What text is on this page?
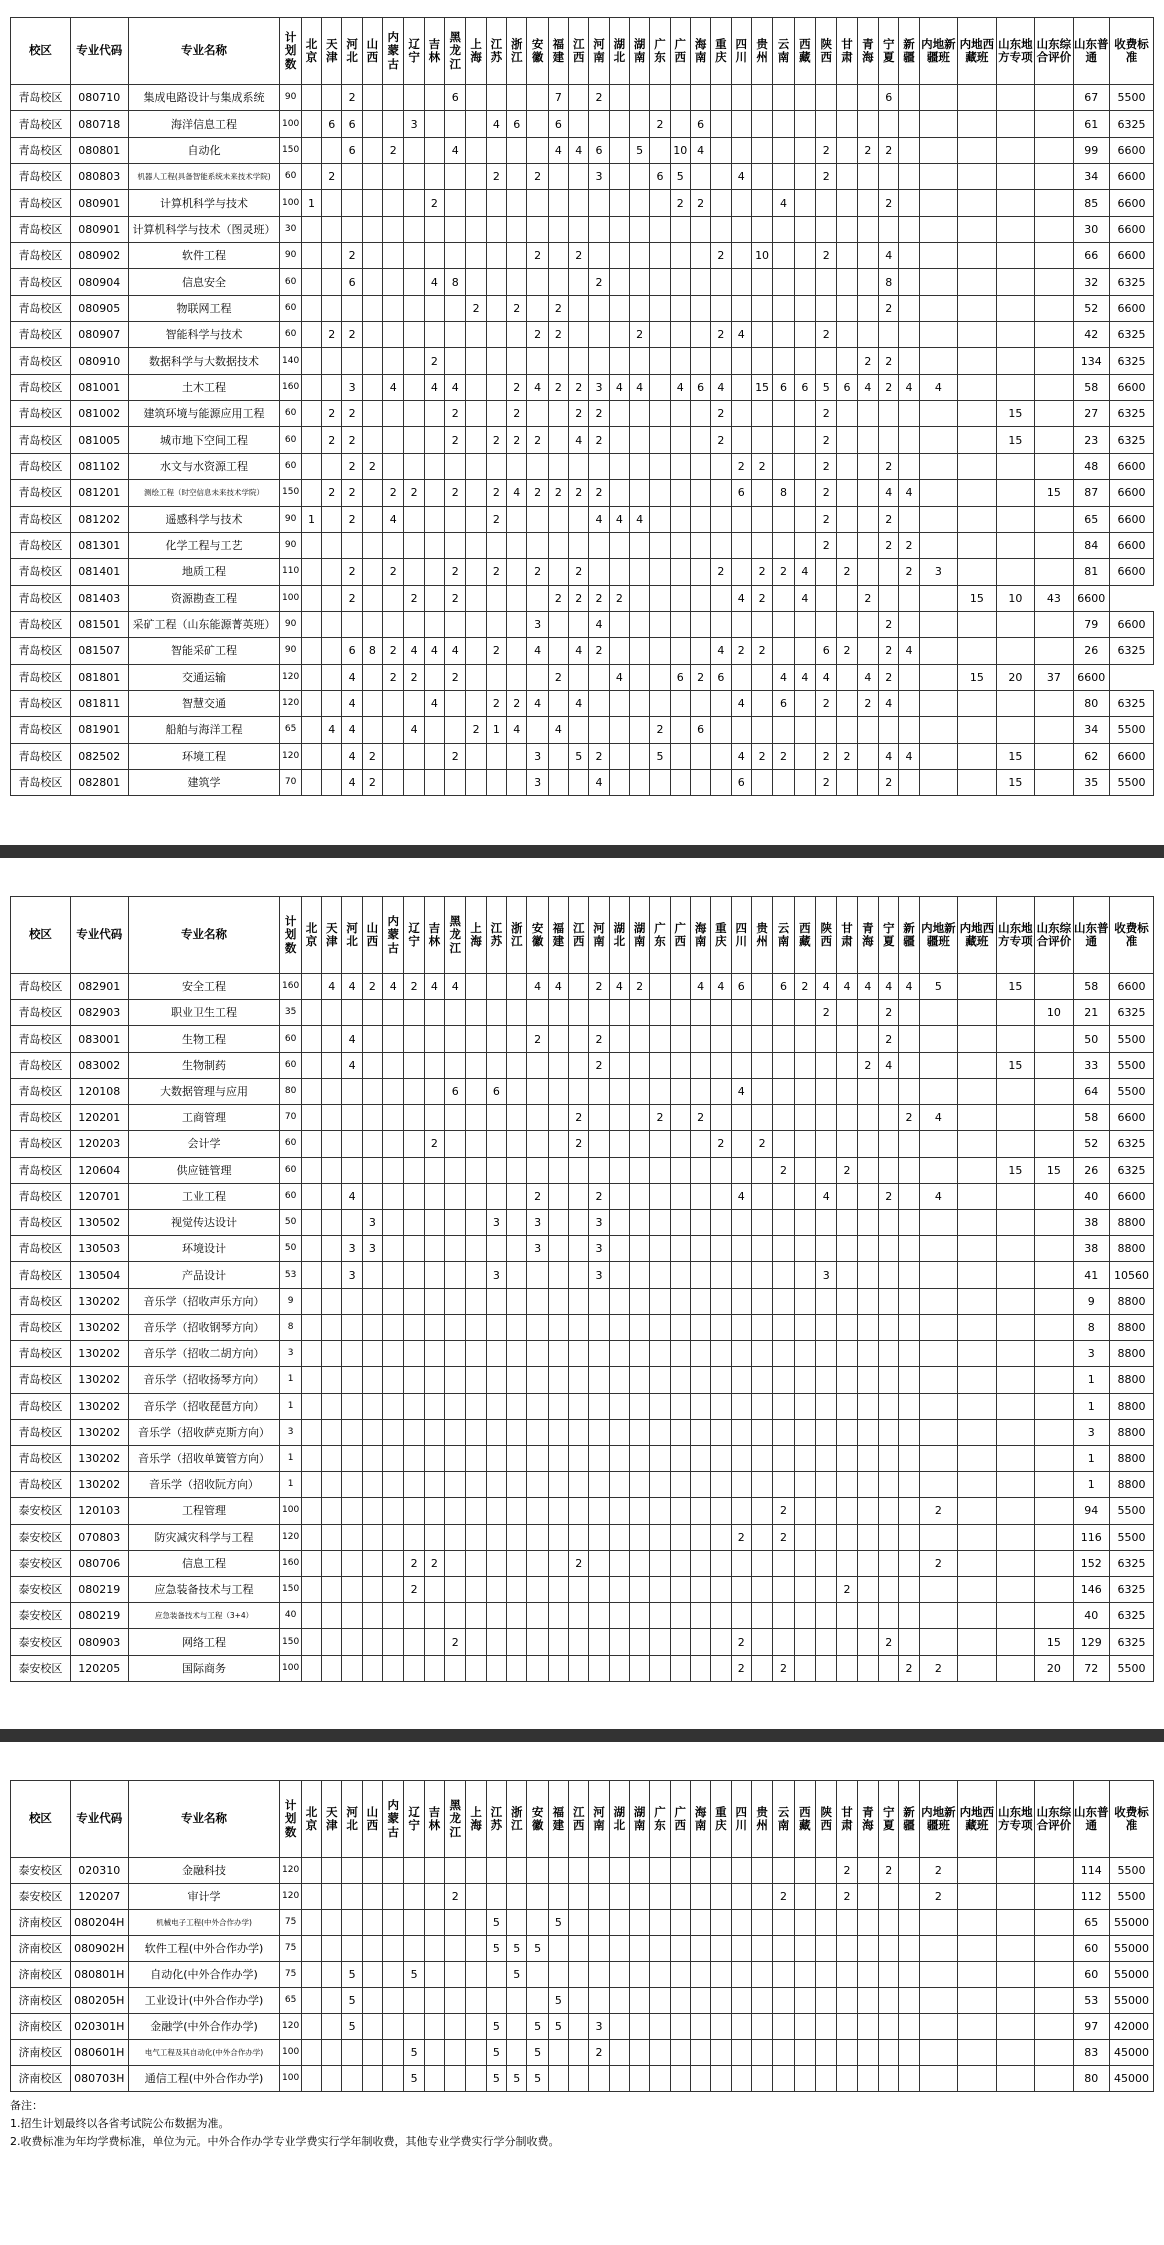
校区	专业代码	专业名称	计划数	北京	天津	河北	山西	内蒙古	辽宁	吉林	黑龙江	上海	江苏	浙江	安徽	福建	江西	河南	湖北	湖南	广东	广西	海南	重庆	四川	贵州	云南	西藏	陕西	甘肃	青海	宁夏	新疆	内地新疆班	内地西藏班	山东地方专项	山东综合评价	山东普通	收费标准
青岛校区	080710	集成电路设计与集成系统	90			2					6					7		2														6						67	5500
青岛校区	080718	海洋信息工程	100		6	6			3				4	6		6					2		6															61	6325
青岛校区	080801	自动化	150			6		2			4					4	4	6		5		10	4						2		2	2						99	6600
青岛校区	080803	机器人工程(具备智能系统未来技术学院)	60		2								2		2			3			6	5			4				2									34	6600
青岛校区	080901	计算机科学与技术	100	1						2												2	2				4					2						85	6600
青岛校区	080901	计算机科学与技术（图灵班）	30																																			30	6600
青岛校区	080902	软件工程	90			2									2		2							2		10			2			4						66	6600
青岛校区	080904	信息安全	60			6				4	8							2														8						32	6325
青岛校区	080905	物联网工程	60									2		2		2																2						52	6600
青岛校区	080907	智能科学与技术	60		2	2									2	2				2				2	4				2									42	6325
青岛校区	080910	数据科学与大数据技术	140							2																					2	2						134	6325
青岛校区	081001	土木工程	160			3		4		4	4			2	4	2	2	3	4	4		4	6	4		15	6	6	5	6	4	2	4	4				58	6600
青岛校区	081002	建筑环境与能源应用工程	60		2	2					2			2			2	2						2					2							15		27	6325
青岛校区	081005	城市地下空间工程	60		2	2					2		2	2	2		4	2						2					2							15		23	6325
青岛校区	081102	水文与水资源工程	60			2	2																		2	2			2			2						48	6600
青岛校区	081201	测绘工程（时空信息未来技术学院）	150		2	2		2	2		2		2	4	2	2	2	2							6		8		2			4	4				15	87	6600
青岛校区	081202	遥感科学与技术	90	1		2		4					2					4	4	4									2			2						65	6600
青岛校区	081301	化学工程与工艺	90																										2			2	2					84	6600
青岛校区	081401	地质工程	110			2		2			2		2		2		2							2		2	2	4		2			2	3				81	6600
青岛校区	081403	资源勘查工程	100			2			2		2					2	2	2	2						4	2		4			2				15	10	43	6600	
青岛校区	081501	采矿工程（山东能源菁英班）	90												3			4														2						79	6600
青岛校区	081507	智能采矿工程	90			6	8	2	4	4	4		2		4		4	2						4	2	2			6	2		2	4					26	6325
青岛校区	081801	交通运输	120			4		2	2		2					2			4			6	2	6			4	4	4		4	2			15	20	37	6600	
青岛校区	081811	智慧交通	120			4				4			2	2	4		4								4		6		2		2	4						80	6325
青岛校区	081901	船舶与海洋工程	65		4	4			4			2	1	4		4					2		6															34	5500
青岛校区	082502	环境工程	120			4	2				2				3		5	2			5				4	2	2		2	2		4	4			15		62	6600
青岛校区	082801	建筑学	70			4	2								3			4							6				2			2				15		35	5500
校区	专业代码	专业名称	计划数	北京	天津	河北	山西	内蒙古	辽宁	吉林	黑龙江	上海	江苏	浙江	安徽	福建	江西	河南	湖北	湖南	广东	广西	海南	重庆	四川	贵州	云南	西藏	陕西	甘肃	青海	宁夏	新疆	内地新疆班	内地西藏班	山东地方专项	山东综合评价	山东普通	收费标准
青岛校区	082901	安全工程	160		4	4	2	4	2	4	4				4	4		2	4	2			4	4	6		6	2	4	4	4	4	4	5		15		58	6600
青岛校区	082903	职业卫生工程	35																										2			2					10	21	6325
青岛校区	083001	生物工程	60			4									2			2														2						50	5500
青岛校区	083002	生物制药	60			4												2													2	4				15		33	5500
青岛校区	120108	大数据管理与应用	80								6		6												4													64	5500
青岛校区	120201	工商管理	70														2				2		2										2	4				58	6600
青岛校区	120203	会计学	60							2							2							2		2												52	6325
青岛校区	120604	供应链管理	60																								2			2						15	15	26	6325
青岛校区	120701	工业工程	60			4									2			2							4				4			2		4				40	6600
青岛校区	130502	视觉传达设计	50				3						3		3			3																				38	8800
青岛校区	130503	环境设计	50			3	3								3			3																				38	8800
青岛校区	130504	产品设计	53			3							3					3											3									41	10560
青岛校区	130202	音乐学（招收声乐方向）	9																																			9	8800
青岛校区	130202	音乐学（招收钢琴方向）	8																																			8	8800
青岛校区	130202	音乐学（招收二胡方向）	3																																			3	8800
青岛校区	130202	音乐学（招收扬琴方向）	1																																			1	8800
青岛校区	130202	音乐学（招收琵琶方向）	1																																			1	8800
青岛校区	130202	音乐学（招收萨克斯方向）	3																																			3	8800
青岛校区	130202	音乐学（招收单簧管方向）	1																																			1	8800
青岛校区	130202	音乐学（招收阮方向）	1																																			1	8800
泰安校区	120103	工程管理	100																								2							2				94	5500
泰安校区	070803	防灾减灾科学与工程	120																						2		2											116	5500
泰安校区	080706	信息工程	160						2	2							2																	2				152	6325
泰安校区	080219	应急装备技术与工程	150						2																					2								146	6325
泰安校区	080219	应急装备技术与工程（3+4）	40																																			40	6325
泰安校区	080903	网络工程	150								2														2							2					15	129	6325
泰安校区	120205	国际商务	100																						2		2						2	2			20	72	5500
校区	专业代码	专业名称	计划数	北京	天津	河北	山西	内蒙古	辽宁	吉林	黑龙江	上海	江苏	浙江	安徽	福建	江西	河南	湖北	湖南	广东	广西	海南	重庆	四川	贵州	云南	西藏	陕西	甘肃	青海	宁夏	新疆	内地新疆班	内地西藏班	山东地方专项	山东综合评价	山东普通	收费标准
泰安校区	020310	金融科技	120																											2		2		2				114	5500
泰安校区	120207	审计学	120								2																2			2				2				112	5500
济南校区	080204H	机械电子工程(中外合作办学)	75										5			5																						65	55000
济南校区	080902H	软件工程(中外合作办学)	75										5	5	5																							60	55000
济南校区	080801H	自动化(中外合作办学)	75			5			5					5																								60	55000
济南校区	080205H	工业设计(中外合作办学)	65			5										5																						53	55000
济南校区	020301H	金融学(中外合作办学)	120			5							5		5	5		3																				97	42000
济南校区	080601H	电气工程及其自动化(中外合作办学)	100						5				5		5			2																				83	45000
济南校区	080703H	通信工程(中外合作办学)	100						5				5	5	5																							80	45000
备注：
1.招生计划最终以各省考试院公布数据为准。
2.收费标准为年均学费标准，单位为元。中外合作办学专业学费实行学年制收费，其他专业学费实行学分制收费。
